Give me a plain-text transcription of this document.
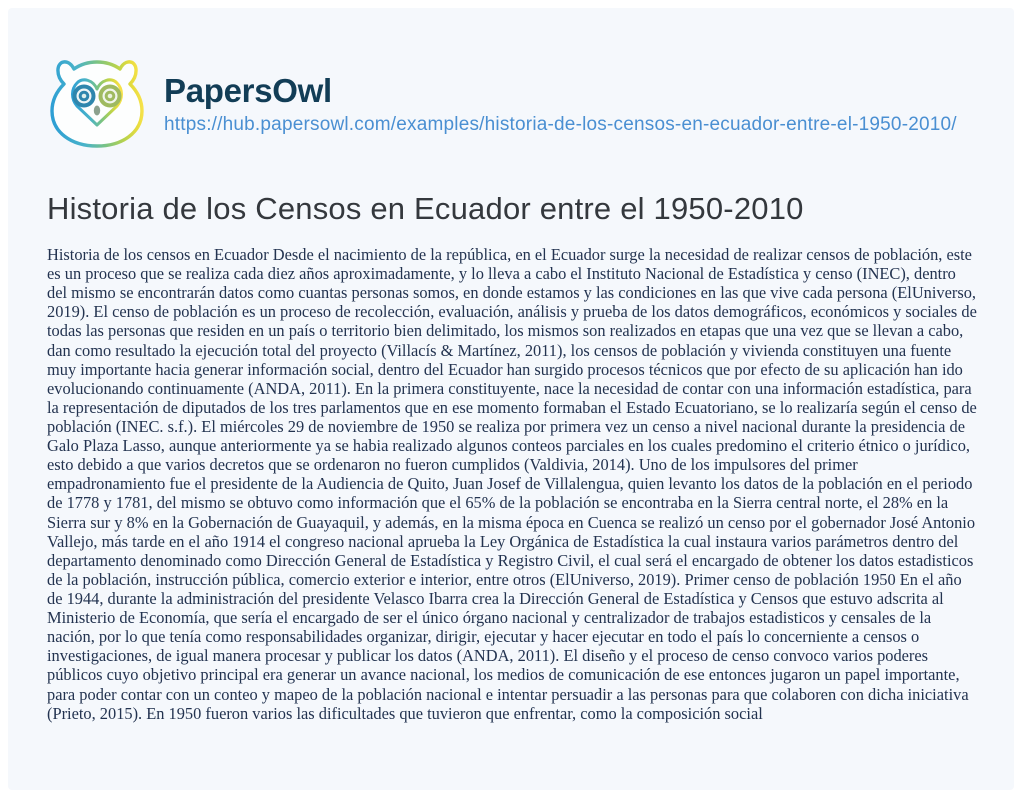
PapersOwl
https://hub.papersowl.com/examples/historia-de-los-censos-en-ecuador-entre-el-1950-2010/
Historia de los Censos en Ecuador entre el 1950-2010

Historia de los censos en Ecuador Desde el nacimiento de la república, en el Ecuador surge la necesidad de realizar censos de población, este es un proceso que se realiza cada diez años aproximadamente, y lo lleva a cabo el Instituto Nacional de Estadística y censo (INEC), dentro del mismo se encontrarán datos como cuantas personas somos, en donde estamos y las condiciones en las que vive cada persona (ElUniverso, 2019). El censo de población es un proceso de recolección, evaluación, análisis y prueba de los datos demográficos, económicos y sociales de todas las personas que residen en un país o territorio bien delimitado, los mismos son realizados en etapas que una vez que se llevan a cabo, dan como resultado la ejecución total del proyecto (Villacís & Martínez, 2011), los censos de población y vivienda constituyen una fuente muy importante hacia generar información social, dentro del Ecuador han surgido procesos técnicos que por efecto de su aplicación han ido evolucionando continuamente (ANDA, 2011). En la primera constituyente, nace la necesidad de contar con una información estadística, para la representación de diputados de los tres parlamentos que en ese momento formaban el Estado Ecuatoriano, se lo realizaría según el censo de población (INEC. s.f.). El miércoles 29 de noviembre de 1950 se realiza por primera vez un censo a nivel nacional durante la presidencia de Galo Plaza Lasso, aunque anteriormente ya se habia realizado algunos conteos parciales en los cuales predomino el criterio étnico o jurídico, esto debido a que varios decretos que se ordenaron no fueron cumplidos (Valdivia, 2014). Uno de los impulsores del primer empadronamiento fue el presidente de la Audiencia de Quito, Juan Josef de Villalengua, quien levanto los datos de la población en el periodo de 1778 y 1781, del mismo se obtuvo como información que el 65% de la población se encontraba en la Sierra central norte, el 28% en la Sierra sur y 8% en la Gobernación de Guayaquil, y además, en la misma época en Cuenca se realizó un censo por el gobernador José Antonio Vallejo, más tarde en el año 1914 el congreso nacional aprueba la Ley Orgánica de Estadística la cual instaura varios parámetros dentro del departamento denominado como Dirección General de Estadística y Registro Civil, el cual será el encargado de obtener los datos estadisticos de la población, instrucción pública, comercio exterior e interior, entre otros (ElUniverso, 2019). Primer censo de población 1950 En el año de 1944, durante la administración del presidente Velasco Ibarra crea la Dirección General de Estadística y Censos que estuvo adscrita al Ministerio de Economía, que sería el encargado de ser el único órgano nacional y centralizador de trabajos estadisticos y censales de la nación, por lo que tenía como responsabilidades organizar, dirigir, ejecutar y hacer ejecutar en todo el país lo concerniente a censos o investigaciones, de igual manera procesar y publicar los datos (ANDA, 2011). El diseño y el proceso de censo convoco varios poderes públicos cuyo objetivo principal era generar un avance nacional, los medios de comunicación de ese entonces jugaron un papel importante, para poder contar con un conteo y mapeo de la población nacional e intentar persuadir a las personas para que colaboren con dicha iniciativa (Prieto, 2015). En 1950 fueron varios las dificultades que tuvieron que enfrentar, como la composición social
